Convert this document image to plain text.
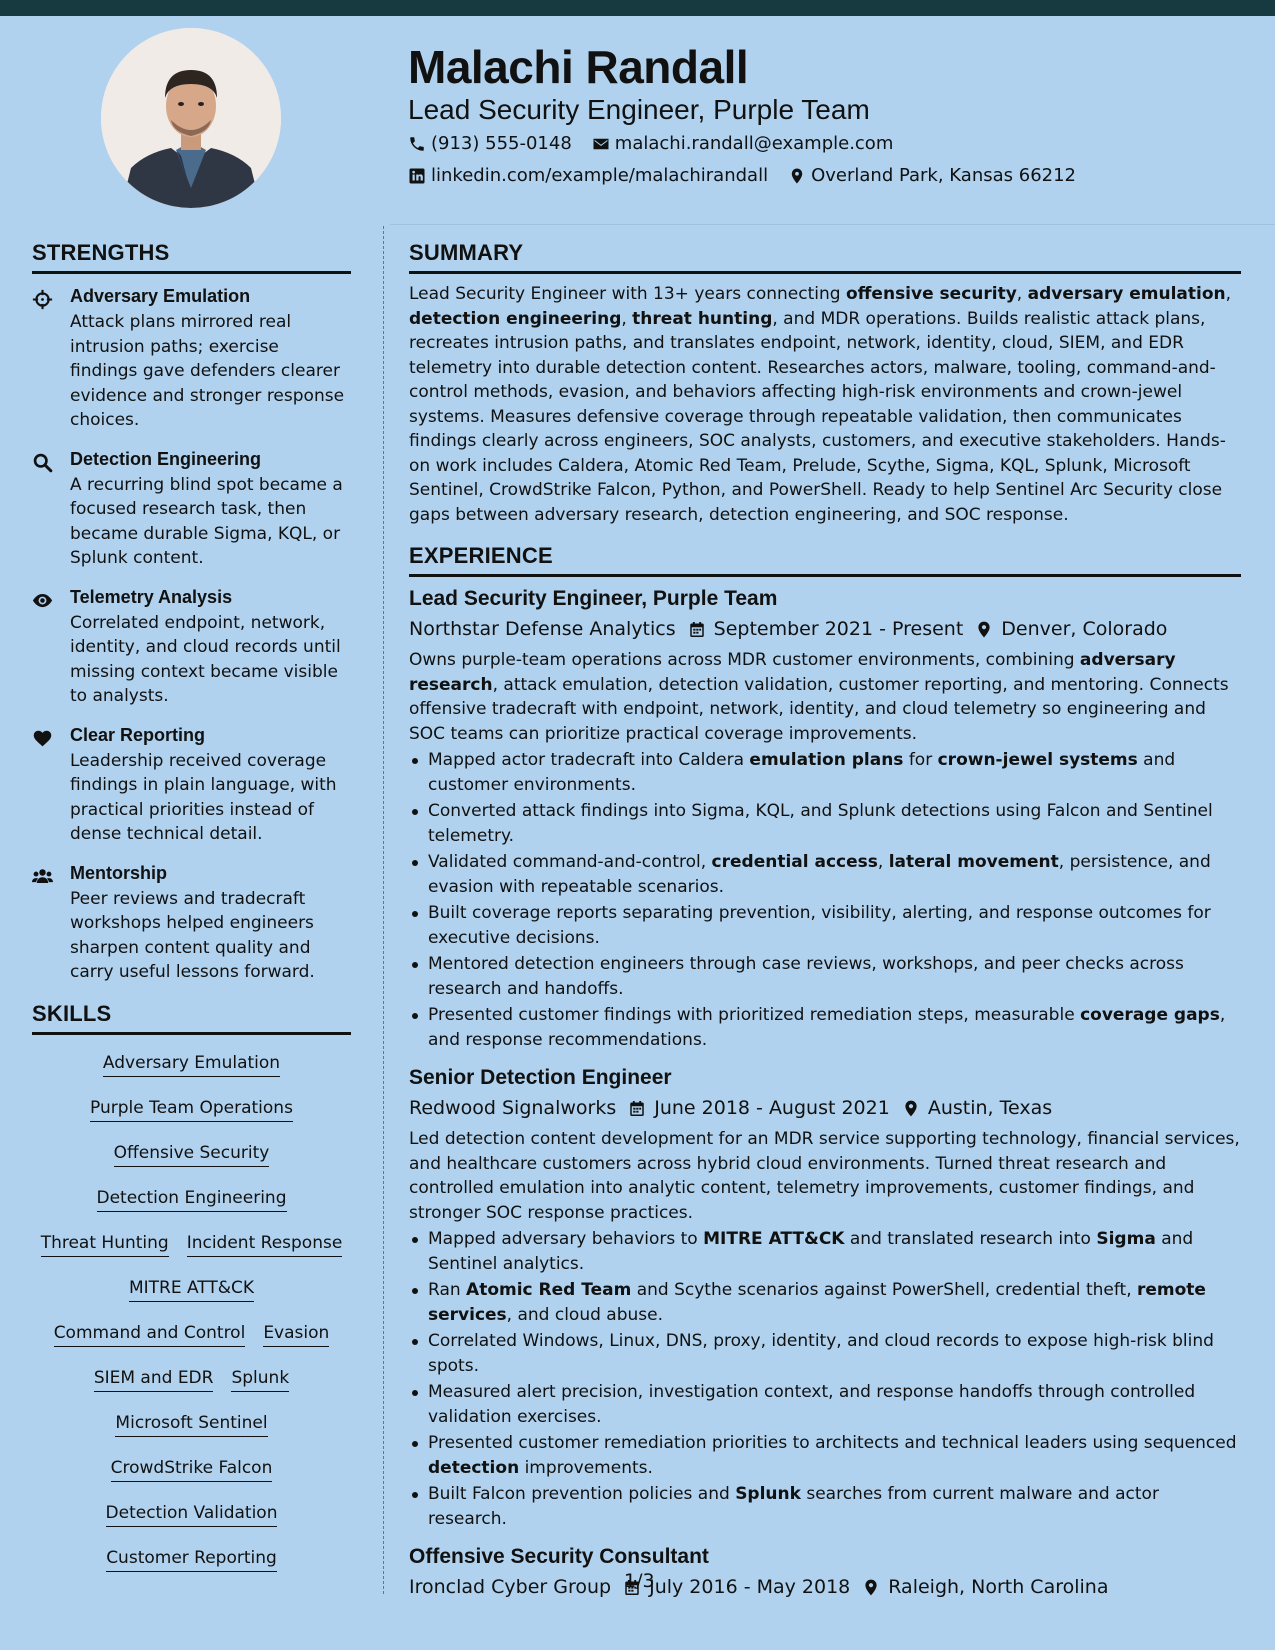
Malachi Randall
Lead Security Engineer, Purple Team
(913) 555-0148 malachi.randall@example.com
linkedin.com/example/malachirandall Overland Park, Kansas 66212
STRENGTHS
Adversary Emulation
Attack plans mirrored real intrusion paths; exercise findings gave defenders clearer evidence and stronger response choices.
Detection Engineering
A recurring blind spot became a focused research task, then became durable Sigma, KQL, or Splunk content.
Telemetry Analysis
Correlated endpoint, network, identity, and cloud records until missing context became visible to analysts.
Clear Reporting
Leadership received coverage findings in plain language, with practical priorities instead of dense technical detail.
Mentorship
Peer reviews and tradecraft workshops helped engineers sharpen content quality and carry useful lessons forward.
SKILLS
Adversary Emulation
Purple Team Operations
Offensive Security
Detection Engineering
Threat Hunting Incident Response
MITRE ATT&CK
Command and Control Evasion
SIEM and EDR Splunk
Microsoft Sentinel
CrowdStrike Falcon
Detection Validation
Customer Reporting
SUMMARY
Lead Security Engineer with 13+ years connecting offensive security, adversary emulation, detection engineering, threat hunting, and MDR operations. Builds realistic attack plans, recreates intrusion paths, and translates endpoint, network, identity, cloud, SIEM, and EDR telemetry into durable detection content. Researches actors, malware, tooling, command-and-control methods, evasion, and behaviors affecting high-risk environments and crown-jewel systems. Measures defensive coverage through repeatable validation, then communicates findings clearly across engineers, SOC analysts, customers, and executive stakeholders. Hands-on work includes Caldera, Atomic Red Team, Prelude, Scythe, Sigma, KQL, Splunk, Microsoft Sentinel, CrowdStrike Falcon, Python, and PowerShell. Ready to help Sentinel Arc Security close gaps between adversary research, detection engineering, and SOC response.
EXPERIENCE
Lead Security Engineer, Purple Team
Northstar Defense Analytics September 2021 - Present Denver, Colorado
Owns purple-team operations across MDR customer environments, combining adversary research, attack emulation, detection validation, customer reporting, and mentoring. Connects offensive tradecraft with endpoint, network, identity, and cloud telemetry so engineering and SOC teams can prioritize practical coverage improvements.
Mapped actor tradecraft into Caldera emulation plans for crown-jewel systems and customer environments.
Converted attack findings into Sigma, KQL, and Splunk detections using Falcon and Sentinel telemetry.
Validated command-and-control, credential access, lateral movement, persistence, and evasion with repeatable scenarios.
Built coverage reports separating prevention, visibility, alerting, and response outcomes for executive decisions.
Mentored detection engineers through case reviews, workshops, and peer checks across research and handoffs.
Presented customer findings with prioritized remediation steps, measurable coverage gaps, and response recommendations.
Senior Detection Engineer
Redwood Signalworks June 2018 - August 2021 Austin, Texas
Led detection content development for an MDR service supporting technology, financial services, and healthcare customers across hybrid cloud environments. Turned threat research and controlled emulation into analytic content, telemetry improvements, customer findings, and stronger SOC response practices.
Mapped adversary behaviors to MITRE ATT&CK and translated research into Sigma and Sentinel analytics.
Ran Atomic Red Team and Scythe scenarios against PowerShell, credential theft, remote services, and cloud abuse.
Correlated Windows, Linux, DNS, proxy, identity, and cloud records to expose high-risk blind spots.
Measured alert precision, investigation context, and response handoffs through controlled validation exercises.
Presented customer remediation priorities to architects and technical leaders using sequenced detection improvements.
Built Falcon prevention policies and Splunk searches from current malware and actor research.
Offensive Security Consultant
Ironclad Cyber Group July 2016 - May 2018 Raleigh, North Carolina
1/3
